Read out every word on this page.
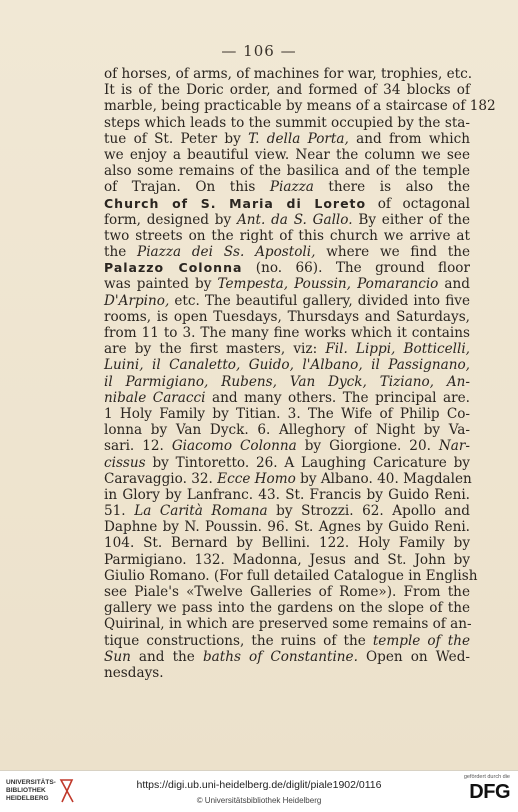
— 106 —
of horses, of arms, of machines for war, trophies, etc.
It is of the Doric order, and formed of 34 blocks of
marble, being practicable by means of a staircase of 182
steps which leads to the summit occupied by the sta-
tue of St. Peter by T. della Porta, and from which
we enjoy a beautiful view. Near the column we see
also some remains of the basilica and of the temple
of Trajan. On this Piazza there is also the
Church of S. Maria di Loreto of octagonal
form, designed by Ant. da S. Gallo. By either of the
two streets on the right of this church we arrive at
the Piazza dei Ss. Apostoli, where we find the
Palazzo Colonna (no. 66). The ground floor
was painted by Tempesta, Poussin, Pomarancio and
D'Arpino, etc. The beautiful gallery, divided into five
rooms, is open Tuesdays, Thursdays and Saturdays,
from 11 to 3. The many fine works which it contains
are by the first masters, viz: Fil. Lippi, Botticelli,
Luini, il Canaletto, Guido, l'Albano, il Passignano,
il Parmigiano, Rubens, Van Dyck, Tiziano, An-
nibale Caracci and many others. The principal are.
1 Holy Family by Titian. 3. The Wife of Philip Co-
lonna by Van Dyck. 6. Alleghory of Night by Va-
sari. 12. Giacomo Colonna by Giorgione. 20. Nar-
cissus by Tintoretto. 26. A Laughing Caricature by
Caravaggio. 32. Ecce Homo by Albano. 40. Magdalen
in Glory by Lanfranc. 43. St. Francis by Guido Reni.
51. La Carità Romana by Strozzi. 62. Apollo and
Daphne by N. Poussin. 96. St. Agnes by Guido Reni.
104. St. Bernard by Bellini. 122. Holy Family by
Parmigiano. 132. Madonna, Jesus and St. John by
Giulio Romano. (For full detailed Catalogue in English
see Piale's «Twelve Galleries of Rome»). From the
gallery we pass into the gardens on the slope of the
Quirinal, in which are preserved some remains of an-
tique constructions, the ruins of the temple of the
Sun and the baths of Constantine. Open on Wed-
nesdays.
UNIVERSITÄTS-
BIBLIOTHEK
HEIDELBERG
https://digi.ub.uni-heidelberg.de/diglit/piale1902/0116
© Universitätsbibliothek Heidelberg
gefördert durch die
DFG
